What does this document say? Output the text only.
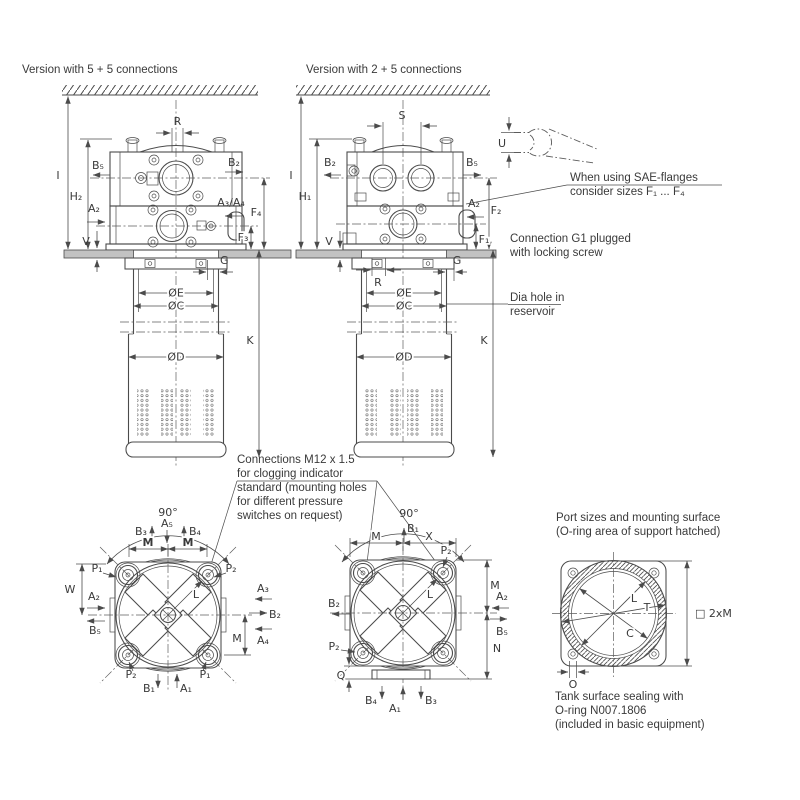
Version with 5 + 5 connections
I
R
H₂
B₅	B₂
A₂	A₃/A₄
F₄
F₃
V
G
ØE
ØC
ØD
K
Version with 2 + 5 connections
I
H₁
S
B₂	B₅
A₂
F₂
F₁
V
R
G
ØE
ØC
ØD
K
U
When using SAE-flanges
consider sizes F₁ ... F₄
Connection G1 plugged
with locking screw
Dia hole in
reservoir
Connections M12 x 1.5
for clogging indicator
standard (mounting holes
for different pressure
switches on request)
90°
L
B₃
A₅
B₄
M	M
W
P₁	P₂
A₂
B₅
A₃
B₂
A₄
M
P₂
B₁ A₁
P₁
90°
B₁
M	X
P₂
L
B₂
P₂
Q
M
A₂
B₅
N
B₄
A₁
B₃
Port sizes and mounting surface
(O-ring area of support hatched)
L
T
C
□ 2xM
O
Tank surface sealing with
O-ring N007.1806
(included in basic equipment)
